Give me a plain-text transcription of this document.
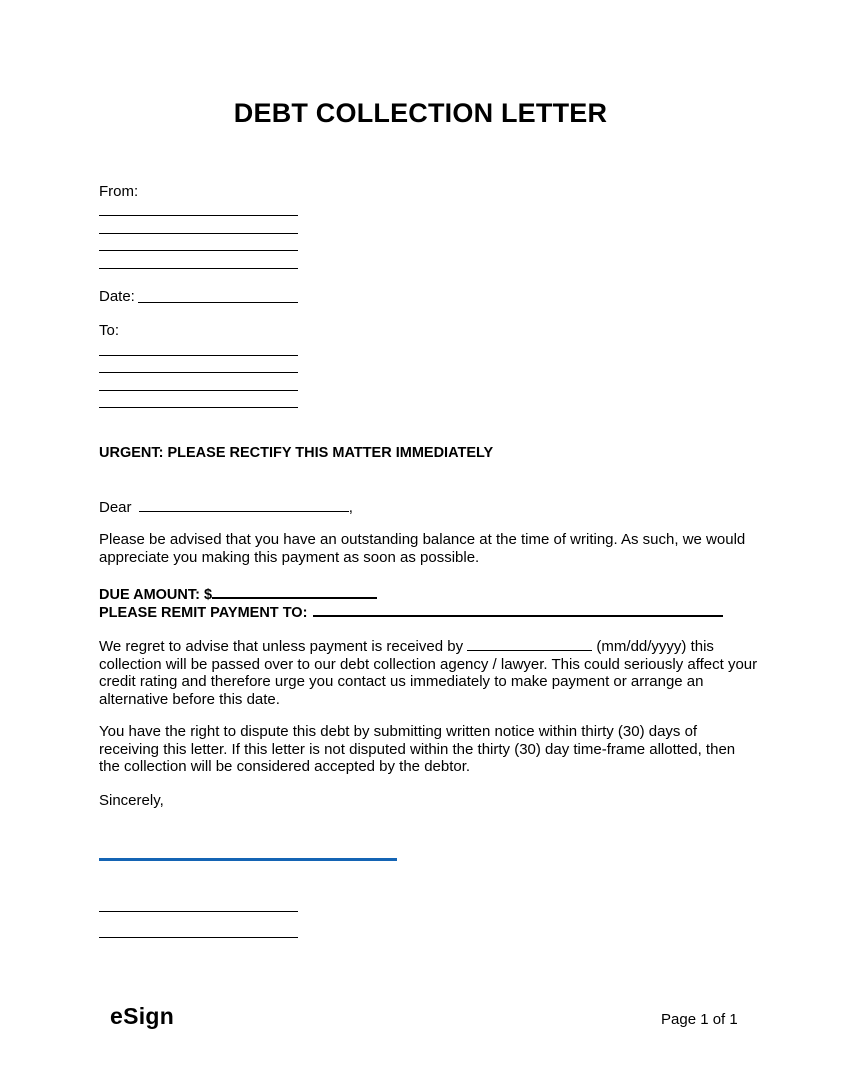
DEBT COLLECTION LETTER
From:
Date:
To:
URGENT: PLEASE RECTIFY THIS MATTER IMMEDIATELY
Dear	,
Please be advised that you have an outstanding balance at the time of writing. As such, we would appreciate you making this payment as soon as possible.
DUE AMOUNT: $
PLEASE REMIT PAYMENT TO:
We regret to advise that unless payment is received by	(mm/dd/yyyy) this collection will be passed over to our debt collection agency / lawyer. This could seriously affect your credit rating and therefore urge you contact us immediately to make payment or arrange an alternative before this date.
You have the right to dispute this debt by submitting written notice within thirty (30) days of receiving this letter. If this letter is not disputed within the thirty (30) day time-frame allotted, then the collection will be considered accepted by the debtor.
Sincerely,
eSign	Page 1 of 1
